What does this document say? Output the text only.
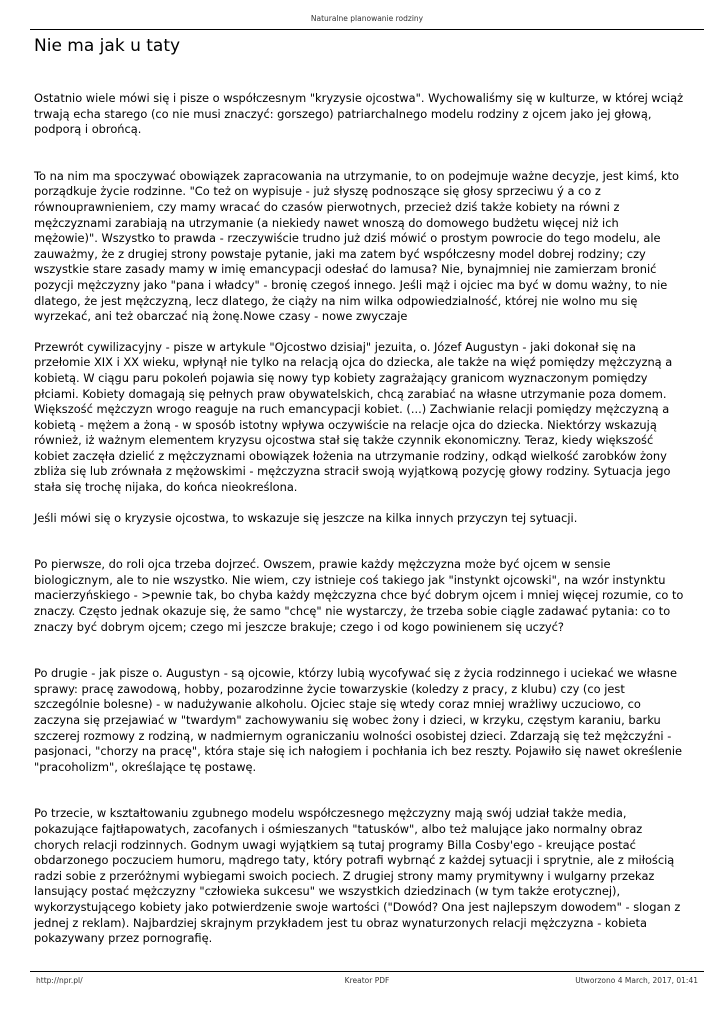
Naturalne planowanie rodziny
Nie ma jak u taty

Ostatnio wiele mówi się i pisze o współczesnym "kryzysie ojcostwa". Wychowaliśmy się w kulturze, w której wciąż trwają echa starego (co nie musi znaczyć: gorszego) patriarchalnego modelu rodziny z ojcem jako jej głową, podporą i obrońcą.

To na nim ma spoczywać obowiązek zapracowania na utrzymanie, to on podejmuje ważne decyzje, jest kimś, kto porządkuje życie rodzinne. "Co też on wypisuje - już słyszę podnoszące się głosy sprzeciwu ý a co z równouprawnieniem, czy mamy wracać do czasów pierwotnych, przecież dziś także kobiety na równi z mężczyznami zarabiają na utrzymanie (a niekiedy nawet wnoszą do domowego budżetu więcej niż ich mężowie)". Wszystko to prawda - rzeczywiście trudno już dziś mówić o prostym powrocie do tego modelu, ale zauważmy, że z drugiej strony powstaje pytanie, jaki ma zatem być współczesny model dobrej rodziny; czy wszystkie stare zasady mamy w imię emancypacji odesłać do lamusa? Nie, bynajmniej nie zamierzam bronić pozycji mężczyzny jako "pana i władcy" - bronię czegoś innego. Jeśli mąż i ojciec ma być w domu ważny, to nie dlatego, że jest mężczyzną, lecz dlatego, że ciąży na nim wilka odpowiedzialność, której nie wolno mu się wyrzekać, ani też obarczać nią żonę.Nowe czasy - nowe zwyczaje

Przewrót cywilizacyjny - pisze w artykule "Ojcostwo dzisiaj" jezuita, o. Józef Augustyn - jaki dokonał się na przełomie XIX i XX wieku, wpłynął nie tylko na relacją ojca do dziecka, ale także na więź pomiędzy mężczyzną a kobietą. W ciągu paru pokoleń pojawia się nowy typ kobiety zagrażający granicom wyznaczonym pomiędzy płciami. Kobiety domagają się pełnych praw obywatelskich, chcą zarabiać na własne utrzymanie poza domem. Większość mężczyzn wrogo reaguje na ruch emancypacji kobiet. (...) Zachwianie relacji pomiędzy mężczyzną a kobietą - mężem a żoną - w sposób istotny wpływa oczywiście na relacje ojca do dziecka. Niektórzy wskazują również, iż ważnym elementem kryzysu ojcostwa stał się także czynnik ekonomiczny. Teraz, kiedy większość kobiet zaczęła dzielić z mężczyznami obowiązek łożenia na utrzymanie rodziny, odkąd wielkość zarobków żony zbliża się lub zrównała z mężowskimi - mężczyzna stracił swoją wyjątkową pozycję głowy rodziny. Sytuacja jego stała się trochę nijaka, do końca nieokreślona.

Jeśli mówi się o kryzysie ojcostwa, to wskazuje się jeszcze na kilka innych przyczyn tej sytuacji.

Po pierwsze, do roli ojca trzeba dojrzeć. Owszem, prawie każdy mężczyzna może być ojcem w sensie biologicznym, ale to nie wszystko. Nie wiem, czy istnieje coś takiego jak "instynkt ojcowski", na wzór instynktu macierzyńskiego - >pewnie tak, bo chyba każdy mężczyzna chce być dobrym ojcem i mniej więcej rozumie, co to znaczy. Często jednak okazuje się, że samo "chcę" nie wystarczy, że trzeba sobie ciągle zadawać pytania: co to znaczy być dobrym ojcem; czego mi jeszcze brakuje; czego i od kogo powinienem się uczyć?

Po drugie - jak pisze o. Augustyn - są ojcowie, którzy lubią wycofywać się z życia rodzinnego i uciekać we własne sprawy: pracę zawodową, hobby, pozarodzinne życie towarzyskie (koledzy z pracy, z klubu) czy (co jest szczególnie bolesne) - w nadużywanie alkoholu. Ojciec staje się wtedy coraz mniej wrażliwy uczuciowo, co zaczyna się przejawiać w "twardym" zachowywaniu się wobec żony i dzieci, w krzyku, częstym karaniu, barku szczerej rozmowy z rodziną, w nadmiernym ograniczaniu wolności osobistej dzieci. Zdarzają się też mężczyźni - pasjonaci, "chorzy na pracę", która staje się ich nałogiem i pochłania ich bez reszty. Pojawiło się nawet określenie "pracoholizm", określające tę postawę.

Po trzecie, w kształtowaniu zgubnego modelu współczesnego mężczyzny mają swój udział także media, pokazujące fajtłapowatych, zacofanych i ośmieszanych "tatusków", albo też malujące jako normalny obraz chorych relacji rodzinnych. Godnym uwagi wyjątkiem są tutaj programy Billa Cosby'ego - kreujące postać obdarzonego poczuciem humoru, mądrego taty, który potrafi wybrnąć z każdej sytuacji i sprytnie, ale z miłością radzi sobie z przeróżnymi wybiegami swoich pociech. Z drugiej strony mamy prymitywny i wulgarny przekaz lansujący postać mężczyzny "człowieka sukcesu" we wszystkich dziedzinach (w tym także erotycznej), wykorzystującego kobiety jako potwierdzenie swoje wartości ("Dowód? Ona jest najlepszym dowodem" - slogan z jednej z reklam). Najbardziej skrajnym przykładem jest tu obraz wynaturzonych relacji mężczyzna - kobieta pokazywany przez pornografię.

http://npr.pl/	Kreator PDF	Utworzono 4 March, 2017, 01:41
